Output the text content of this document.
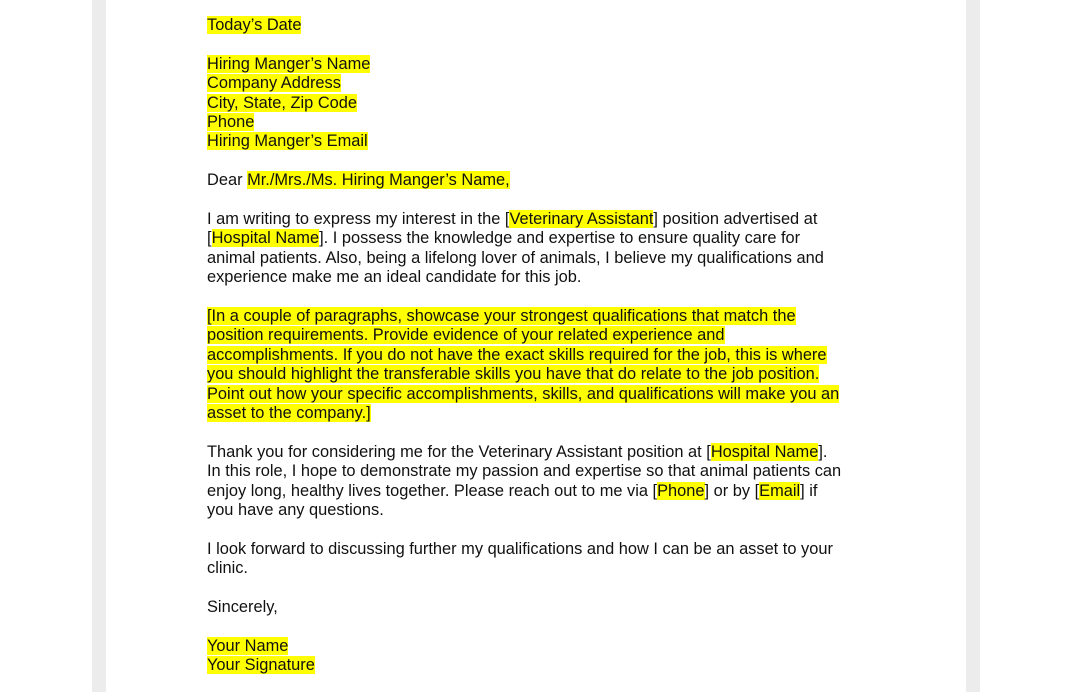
Today’s Date
Hiring Manger’s Name
Company Address
City, State, Zip Code
Phone
Hiring Manger’s Email
Dear Mr./Mrs./Ms. Hiring Manger’s Name,
I am writing to express my interest in the [Veterinary Assistant] position advertised at
[Hospital Name]. I possess the knowledge and expertise to ensure quality care for
animal patients. Also, being a lifelong lover of animals, I believe my qualifications and
experience make me an ideal candidate for this job.
[In a couple of paragraphs, showcase your strongest qualifications that match the
position requirements. Provide evidence of your related experience and
accomplishments. If you do not have the exact skills required for the job, this is where
you should highlight the transferable skills you have that do relate to the job position.
Point out how your specific accomplishments, skills, and qualifications will make you an
asset to the company.]
Thank you for considering me for the Veterinary Assistant position at [Hospital Name].
In this role, I hope to demonstrate my passion and expertise so that animal patients can
enjoy long, healthy lives together. Please reach out to me via [Phone] or by [Email] if
you have any questions.
I look forward to discussing further my qualifications and how I can be an asset to your
clinic.
Sincerely,
Your Name
Your Signature
